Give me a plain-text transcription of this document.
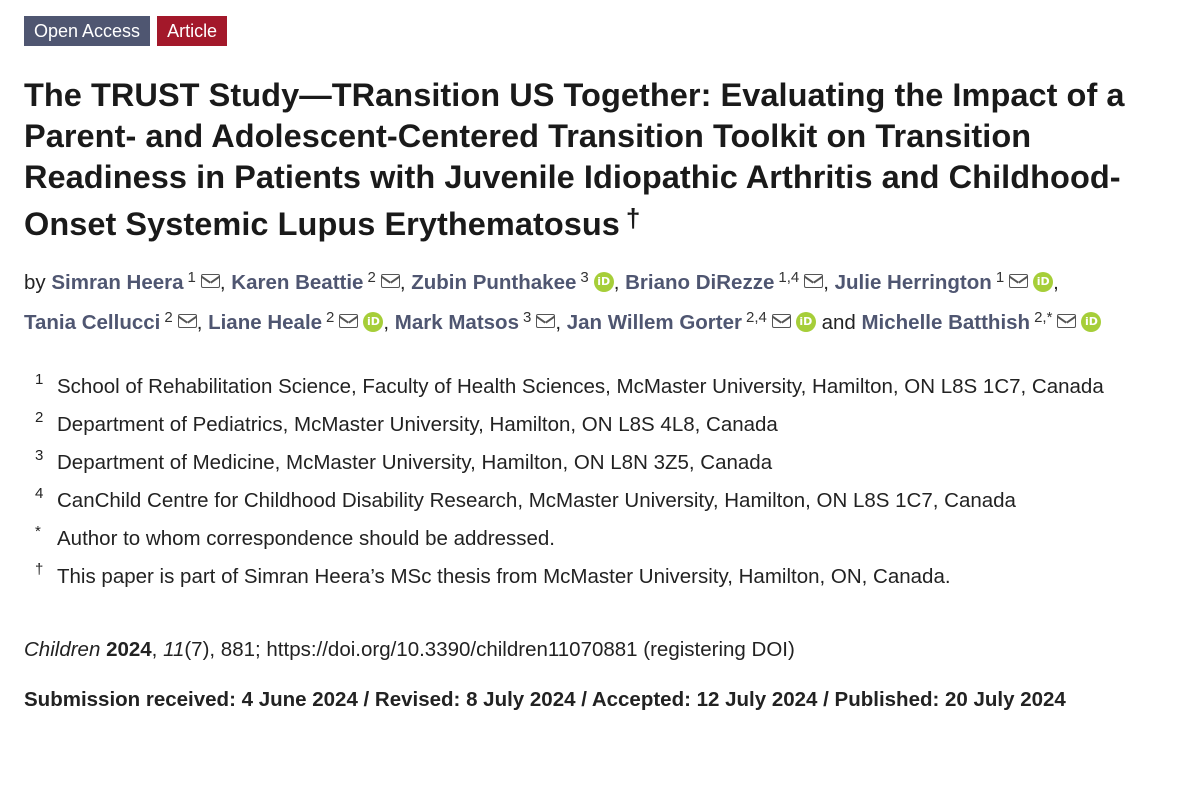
Open Access	Article
The TRUST Study—TRansition US Together: Evaluating the Impact of a Parent- and Adolescent-Centered Transition Toolkit on Transition Readiness in Patients with Juvenile Idiopathic Arthritis and Childhood-Onset Systemic Lupus Erythematosus †
by Simran Heera $^1$ , Karen Beattie $^2$ , Zubin Punthakee $^3$ iD , Briano DiRezze $^{1,4}$ , Julie Herrington $^1$	iD , Tania Cellucci $^2$ , Liane Heale $^2$	iD , Mark Matsos $^3$ , Jan Willem Gorter $^{2,4}$	iD and Michelle Batthish $^{2,*}$	iD
1 School of Rehabilitation Science, Faculty of Health Sciences, McMaster University, Hamilton, ON L8S 1C7, Canada
2 Department of Pediatrics, McMaster University, Hamilton, ON L8S 4L8, Canada
3 Department of Medicine, McMaster University, Hamilton, ON L8N 3Z5, Canada
4 CanChild Centre for Childhood Disability Research, McMaster University, Hamilton, ON L8S 1C7, Canada
* Author to whom correspondence should be addressed.
† This paper is part of Simran Heera’s MSc thesis from McMaster University, Hamilton, ON, Canada.
Children 2024, 11(7), 881; https://doi.org/10.3390/children11070881 (registering DOI)
Submission received: 4 June 2024 / Revised: 8 July 2024 / Accepted: 12 July 2024 / Published: 20 July 2024
